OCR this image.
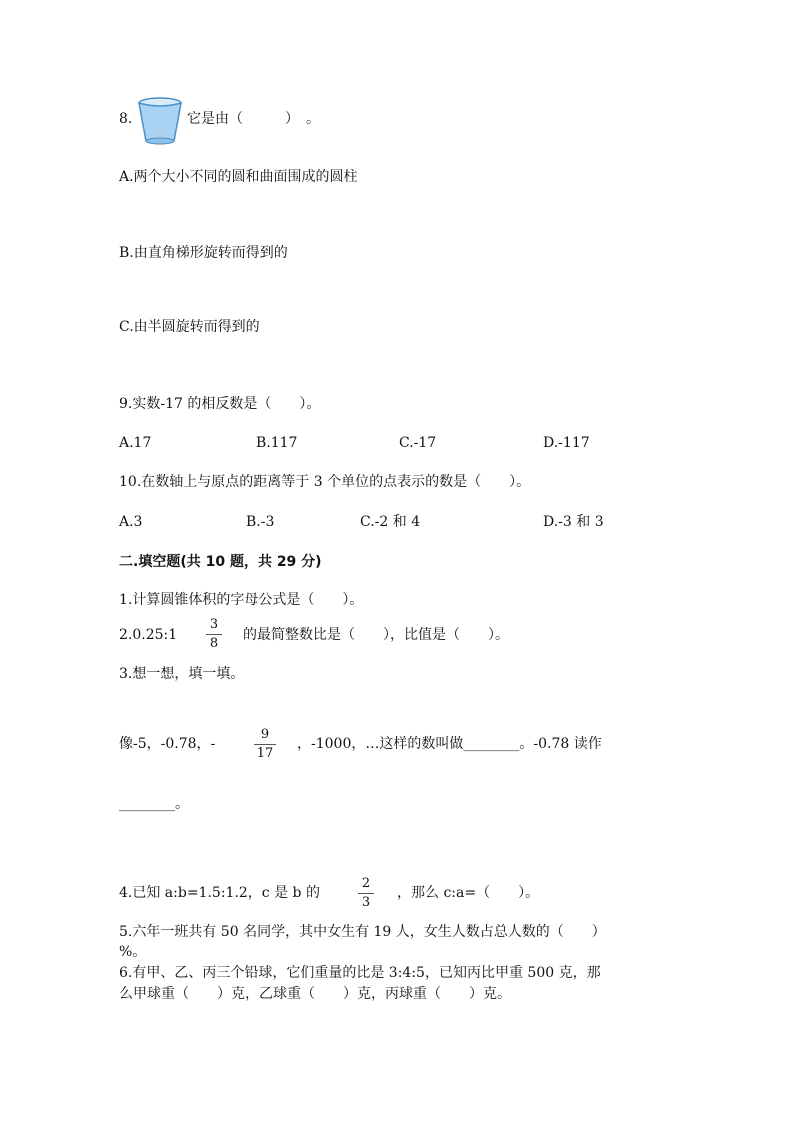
8.	它是由（　　　）　。
A.两个大小不同的圆和曲面围成的圆柱
B.由直角梯形旋转而得到的
C.由半圆旋转而得到的
9.实数-17 的相反数是（　　）。
A.17	B.117	C.-17	D.-117
10.在数轴上与原点的距离等于 3 个单位的点表示的数是（　　）。
A.3	B.-3	C.-2 和 4	D.-3 和 3
二.填空题(共 10 题，共 29 分)
1.计算圆锥体积的字母公式是（　　）。
2.0.25:1
3
8
的最简整数比是（　　），比值是（　　）。
3.想一想，填一填。
像-5，-0.78，-
9
17
，-1000，…这样的数叫做________。-0.78 读作
________。
4.已知 a:b=1.5:1.2，c 是 b 的
2
3
，那么 c:a=（　　）。
5.六年一班共有 50 名同学，其中女生有 19 人，女生人数占总人数的（　　）
%。
6.有甲、乙、丙三个铅球，它们重量的比是 3:4:5，已知丙比甲重 500 克，那
么甲球重（　　）克，乙球重（　　）克，丙球重（　　）克。
